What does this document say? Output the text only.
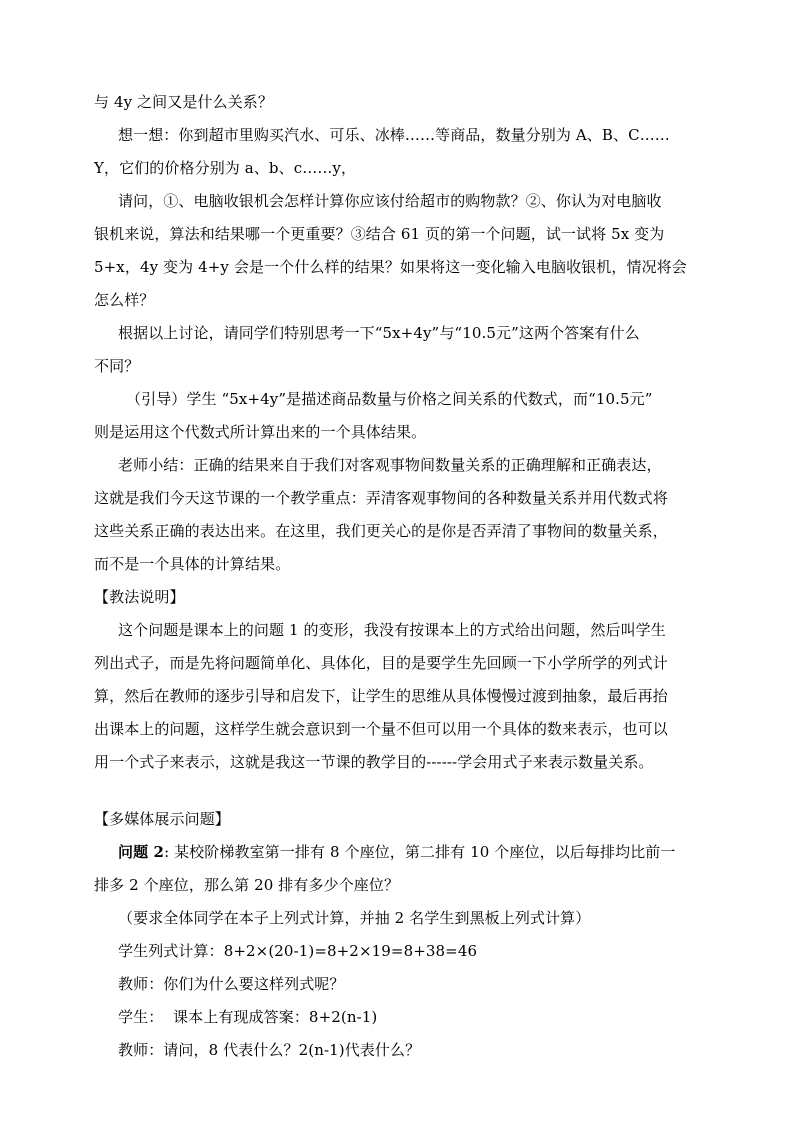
与 4y 之间又是什么关系？
想一想：你到超市里购买汽水、可乐、冰棒……等商品，数量分别为 A、B、C……
Y，它们的价格分别为 a、b、c……y，
请问，①、电脑收银机会怎样计算你应该付给超市的购物款？②、你认为对电脑收
银机来说，算法和结果哪一个更重要？③结合 61 页的第一个问题，试一试将 5x 变为
5+x，4y 变为 4+y 会是一个什么样的结果？如果将这一变化输入电脑收银机，情况将会
怎么样？
根据以上讨论，请同学们特别思考一下“5x+4y”与“10.5元”这两个答案有什么
不同？
（引导）学生 “5x+4y”是描述商品数量与价格之间关系的代数式，而“10.5元”
则是运用这个代数式所计算出来的一个具体结果。
老师小结：正确的结果来自于我们对客观事物间数量关系的正确理解和正确表达，
这就是我们今天这节课的一个教学重点：弄清客观事物间的各种数量关系并用代数式将
这些关系正确的表达出来。在这里，我们更关心的是你是否弄清了事物间的数量关系，
而不是一个具体的计算结果。
【教法说明】
这个问题是课本上的问题 1 的变形，我没有按课本上的方式给出问题，然后叫学生
列出式子，而是先将问题简单化、具体化，目的是要学生先回顾一下小学所学的列式计
算，然后在教师的逐步引导和启发下，让学生的思维从具体慢慢过渡到抽象，最后再抬
出课本上的问题，这样学生就会意识到一个量不但可以用一个具体的数来表示，也可以
用一个式子来表示，这就是我这一节课的教学目的------学会用式子来表示数量关系。
【多媒体展示问题】
问题 2: 某校阶梯教室第一排有 8 个座位，第二排有 10 个座位，以后每排均比前一
排多 2 个座位，那么第 20 排有多少个座位？
（要求全体同学在本子上列式计算，并抽 2 名学生到黑板上列式计算）
学生列式计算：8+2×(20-1)=8+2×19=8+38=46
教师：你们为什么要这样列式呢？
学生：  课本上有现成答案：8+2(n-1)
教师：请问，8 代表什么？2(n-1)代表什么？
